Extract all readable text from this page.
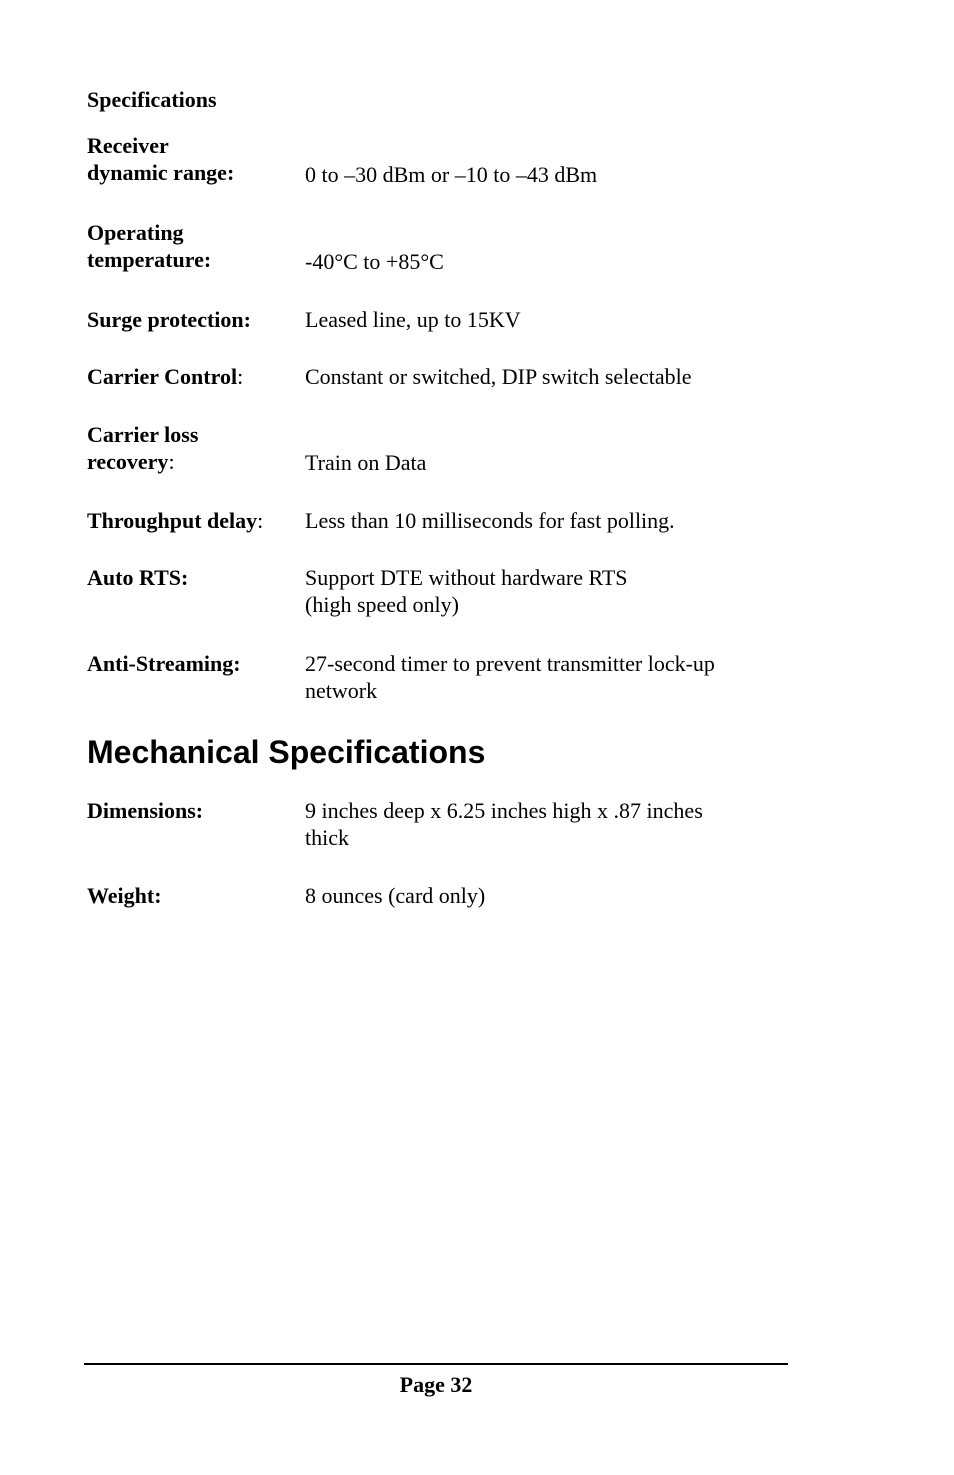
Specifications
Receiver
dynamic range:	0 to –30 dBm or –10 to –43 dBm
Operating
temperature:	-40°C to +85°C
Surge protection:	Leased line, up to 15KV
Carrier Control:	Constant or switched, DIP switch selectable
Carrier loss
recovery:	Train on Data
Throughput delay:	Less than 10 milliseconds for fast polling.
Auto RTS:	Support DTE without hardware RTS
(high speed only)
Anti-Streaming:	27-second timer to prevent transmitter lock-up
network
Mechanical Specifications
Dimensions:	9 inches deep x 6.25 inches high x .87 inches
thick
Weight:	8 ounces (card only)
Page 32
